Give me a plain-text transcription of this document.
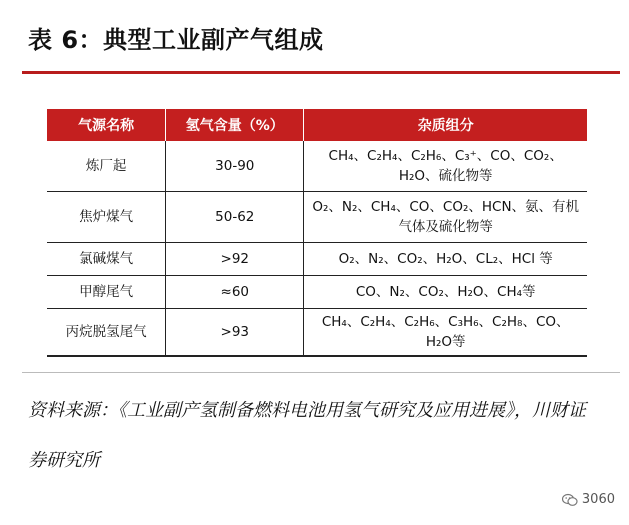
表 6：典型工业副产气组成
气源名称	氢气含量（%）	杂质组分
炼厂起	30-90	CH₄、C₂H₄、C₂H₆、C₃⁺、CO、CO₂、H₂O、硫化物等
焦炉煤气	50-62	O₂、N₂、CH₄、CO、CO₂、HCN、氨、有机气体及硫化物等
氯碱煤气	>92	O₂、N₂、CO₂、H₂O、CL₂、HCl 等
甲醇尾气	≈60	CO、N₂、CO₂、H₂O、CH₄等
丙烷脱氢尾气	>93	CH₄、C₂H₄、C₂H₆、C₃H₆、C₂H₈、CO、H₂O等
资料来源：《工业副产氢制备燃料电池用氢气研究及应用进展》，川财证券研究所
3060
